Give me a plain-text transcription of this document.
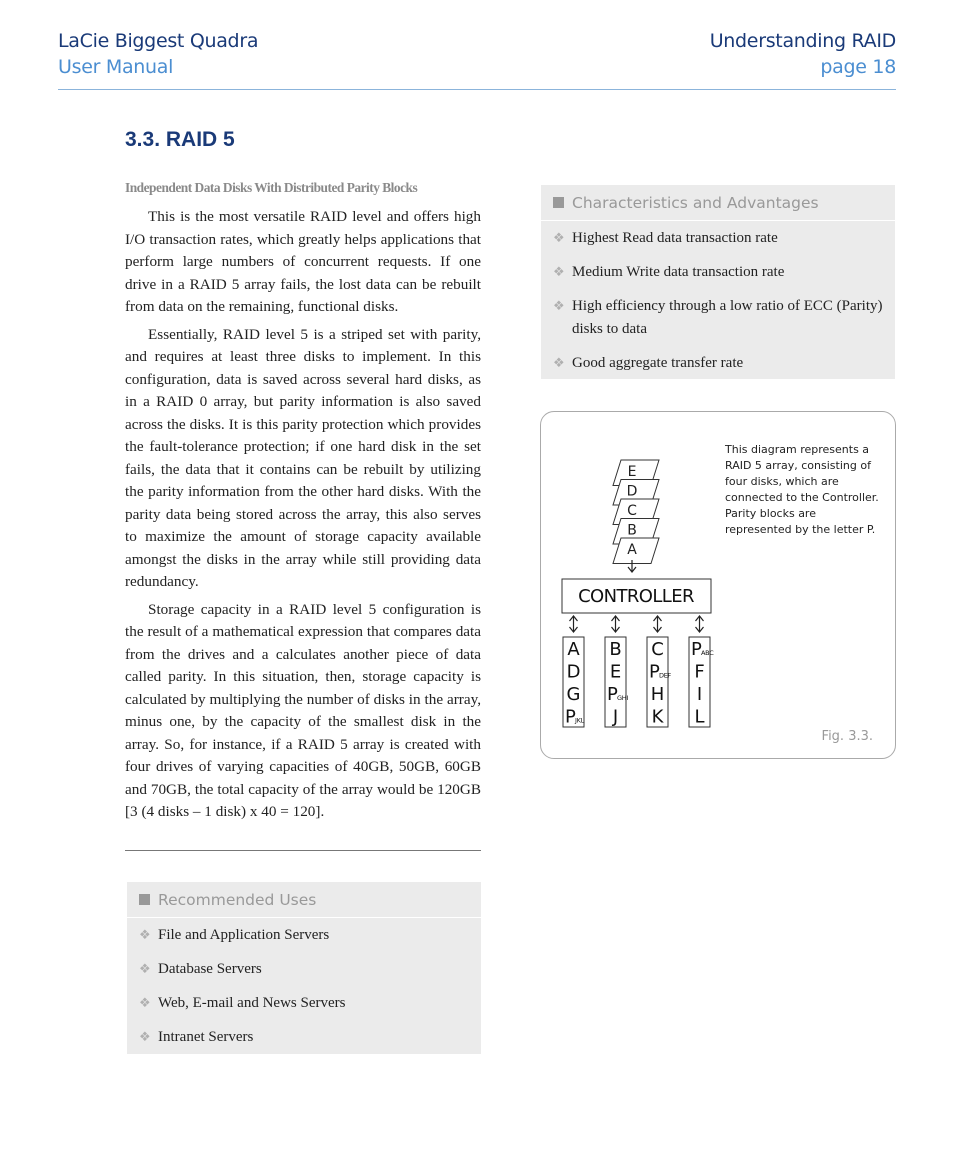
LaCie Biggest Quadra
User Manual
Understanding RAID
page 18
3.3. RAID 5
Independent Data Disks With Distributed Parity Blocks

This is the most versatile RAID level and offers high I/O transaction rates, which greatly helps applications that perform large numbers of concurrent requests. If one drive in a RAID 5 array fails, the lost data can be rebuilt from data on the remaining, functional disks.

Essentially, RAID level 5 is a striped set with parity, and requires at least three disks to implement. In this configuration, data is saved across several hard disks, as in a RAID 0 array, but parity information is also saved across the disks. It is this parity protection which provides the fault-tolerance protection; if one hard disk in the set fails, the data that it contains can be rebuilt by utilizing the parity information from the other hard disks. With the parity data being stored across the array, this also serves to maximize the amount of storage capacity available amongst the disks in the array while still providing data redundancy.

Storage capacity in a RAID level 5 configuration is the result of a mathematical expression that compares data from the drives and a calculates another piece of data called parity. In this situation, then, storage capacity is calculated by multiplying the number of disks in the array, minus one, by the capacity of the smallest disk in the array. So, for instance, if a RAID 5 array is created with four drives of varying capacities of 40GB, 50GB, 60GB and 70GB, the total capacity of the array would be 120GB [3 (4 disks – 1 disk) x 40 = 120].

Recommended Uses
❖ File and Application Servers
❖ Database Servers
❖ Web, E-mail and News Servers
❖ Intranet Servers
Characteristics and Advantages
❖ Highest Read data transaction rate
❖ Medium Write data transaction rate
❖ High efficiency through a low ratio of ECC (Parity) disks to data
❖ Good aggregate transfer rate
E
D
C
B
A
CONTROLLER
A
D
G
P JKL
B
E
P GHI
J
C
P DEF
H
K
P ABC
F
I
L
This diagram represents a RAID 5 array, consisting of four disks, which are connected to the Controller. Parity blocks are represented by the letter P.
Fig. 3.3.
